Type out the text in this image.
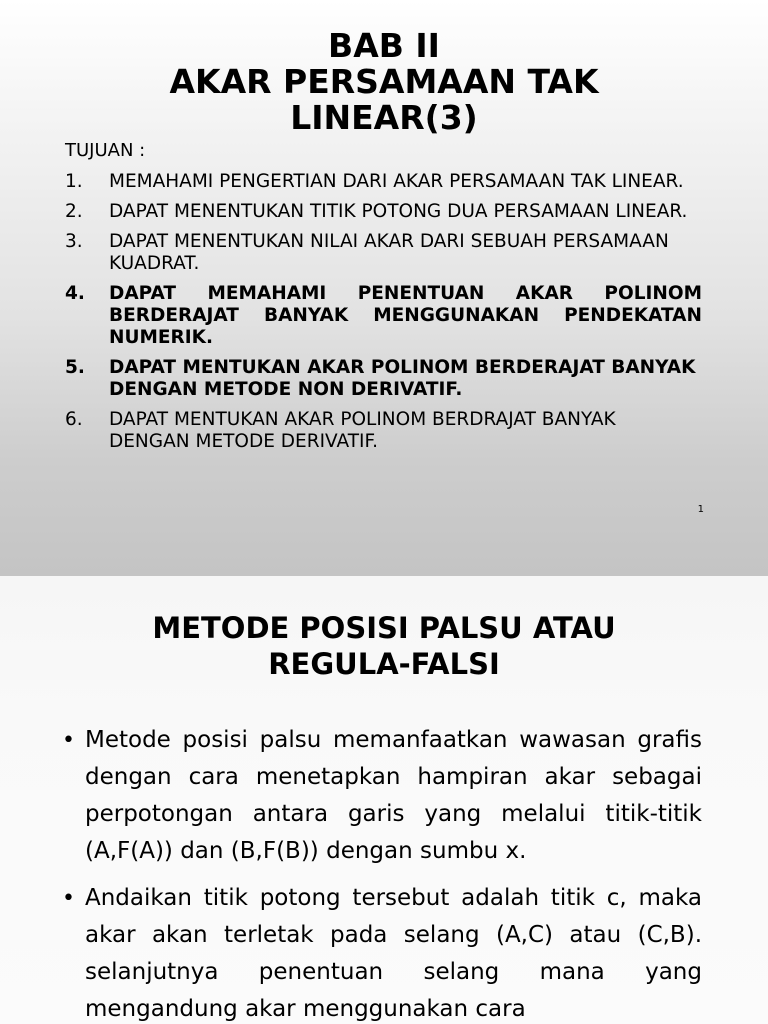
BAB II
AKAR PERSAMAAN TAK
LINEAR(3)
TUJUAN :
1.	MEMAHAMI PENGERTIAN DARI AKAR PERSAMAAN TAK LINEAR.
2.	DAPAT MENENTUKAN TITIK POTONG DUA PERSAMAAN LINEAR.
3.	DAPAT MENENTUKAN NILAI AKAR DARI SEBUAH PERSAMAAN KUADRAT.
4.	DAPAT MEMAHAMI PENENTUAN AKAR POLINOM BERDERAJAT BANYAK MENGGUNAKAN PENDEKATAN NUMERIK.
5.	DAPAT MENTUKAN AKAR POLINOM BERDERAJAT BANYAK DENGAN METODE NON DERIVATIF.
6.	DAPAT MENTUKAN AKAR POLINOM BERDRAJAT BANYAK DENGAN METODE DERIVATIF.
1
METODE POSISI PALSU ATAU
REGULA-FALSI
• Metode posisi palsu memanfaatkan wawasan grafis dengan cara menetapkan hampiran akar sebagai perpotongan antara garis yang melalui titik-titik (A,F(A)) dan (B,F(B)) dengan sumbu x.
• Andaikan titik potong tersebut adalah titik c, maka akar akan terletak pada selang (A,C) atau (C,B). selanjutnya penentuan selang mana yang mengandung akar menggunakan cara
